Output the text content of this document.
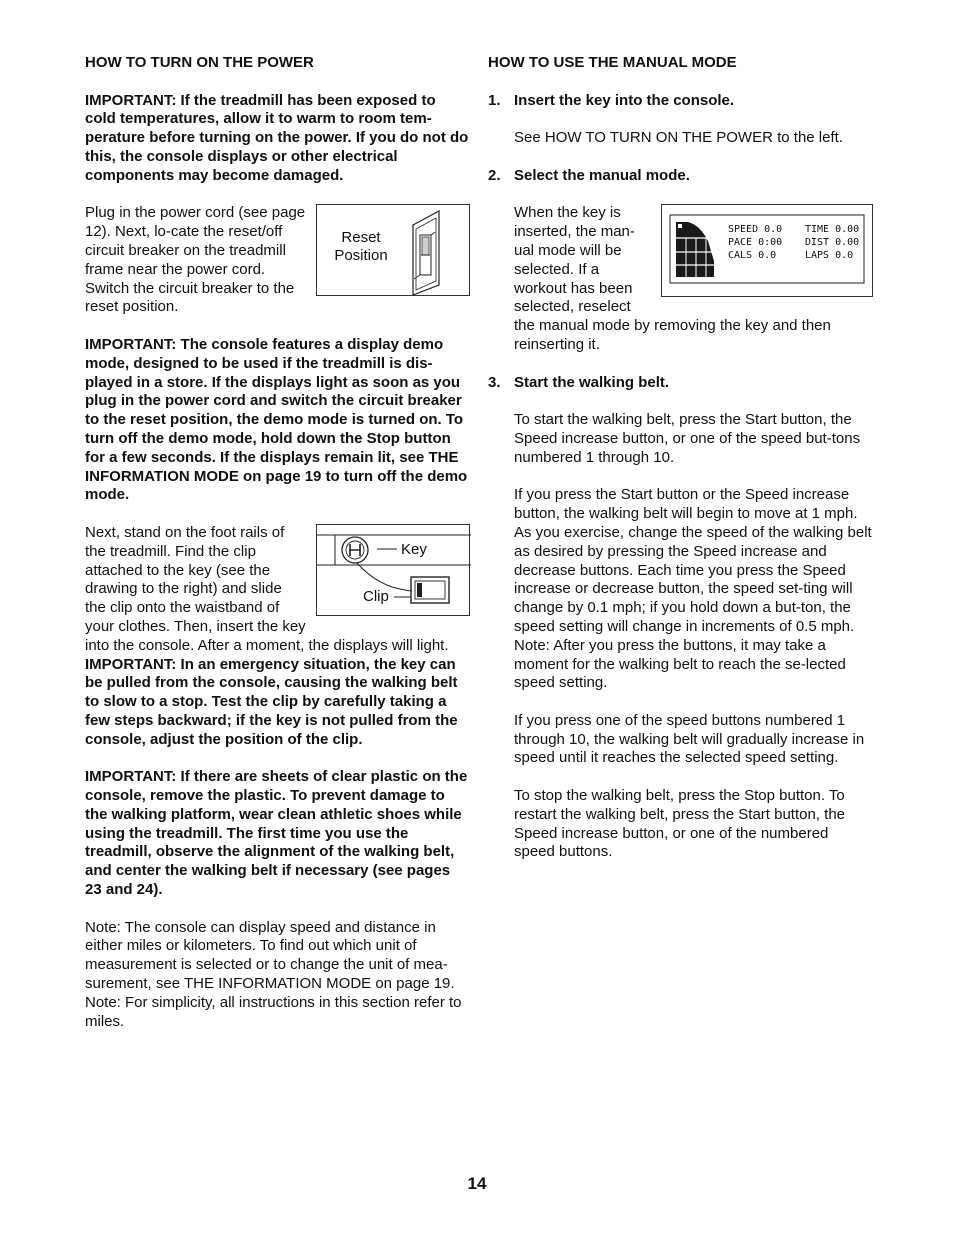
HOW TO TURN ON THE POWER

IMPORTANT: If the treadmill has been exposed to cold temperatures, allow it to warm to room tem-perature before turning on the power. If you do not do this, the console displays or other electrical components may become damaged.

Reset
Position

Plug in the power cord (see page 12). Next, lo-cate the reset/off circuit breaker on the treadmill frame near the power cord. Switch the circuit breaker to the reset position.

IMPORTANT: The console features a display demo mode, designed to be used if the treadmill is dis-played in a store. If the displays light as soon as you plug in the power cord and switch the circuit breaker to the reset position, the demo mode is turned on. To turn off the demo mode, hold down the Stop button for a few seconds. If the displays remain lit, see THE INFORMATION MODE on page 19 to turn off the demo mode.

Key
Clip

Next, stand on the foot rails of the treadmill. Find the clip attached to the key (see the drawing to the right) and slide the clip onto the waistband of your clothes. Then, insert the key into the console. After a moment, the displays will light. IMPORTANT: In an emergency situation, the key can be pulled from the console, causing the walking belt to slow to a stop. Test the clip by carefully taking a few steps backward; if the key is not pulled from the console, adjust the position of the clip.

IMPORTANT: If there are sheets of clear plastic on the console, remove the plastic. To prevent damage to the walking platform, wear clean athletic shoes while using the treadmill. The first time you use the treadmill, observe the alignment of the walking belt, and center the walking belt if necessary (see pages 23 and 24).

Note: The console can display speed and distance in either miles or kilometers. To find out which unit of measurement is selected or to change the unit of mea-surement, see THE INFORMATION MODE on page 19. Note: For simplicity, all instructions in this section refer to miles.

HOW TO USE THE MANUAL MODE
1. Insert the key into the console.

See HOW TO TURN ON THE POWER to the left.

2. Select the manual mode.
SPEED 0.0 TIME 0.00
PACE 0:00 DIST 0.00
CALS 0.0	LAPS 0.0

When the key is inserted, the man-ual mode will be selected. If a workout has been selected, reselect the manual mode by removing the key and then reinserting it.

3. Start the walking belt.

To start the walking belt, press the Start button, the Speed increase button, or one of the speed but-tons numbered 1 through 10.

If you press the Start button or the Speed increase button, the walking belt will begin to move at 1 mph. As you exercise, change the speed of the walking belt as desired by pressing the Speed increase and decrease buttons. Each time you press the Speed increase or decrease button, the speed set-ting will change by 0.1 mph; if you hold down a but-ton, the speed setting will change in increments of 0.5 mph. Note: After you press the buttons, it may take a moment for the walking belt to reach the se-lected speed setting.

If you press one of the speed buttons numbered 1 through 10, the walking belt will gradually increase in speed until it reaches the selected speed setting.

To stop the walking belt, press the Stop button. To restart the walking belt, press the Start button, the Speed increase button, or one of the numbered speed buttons.

14
